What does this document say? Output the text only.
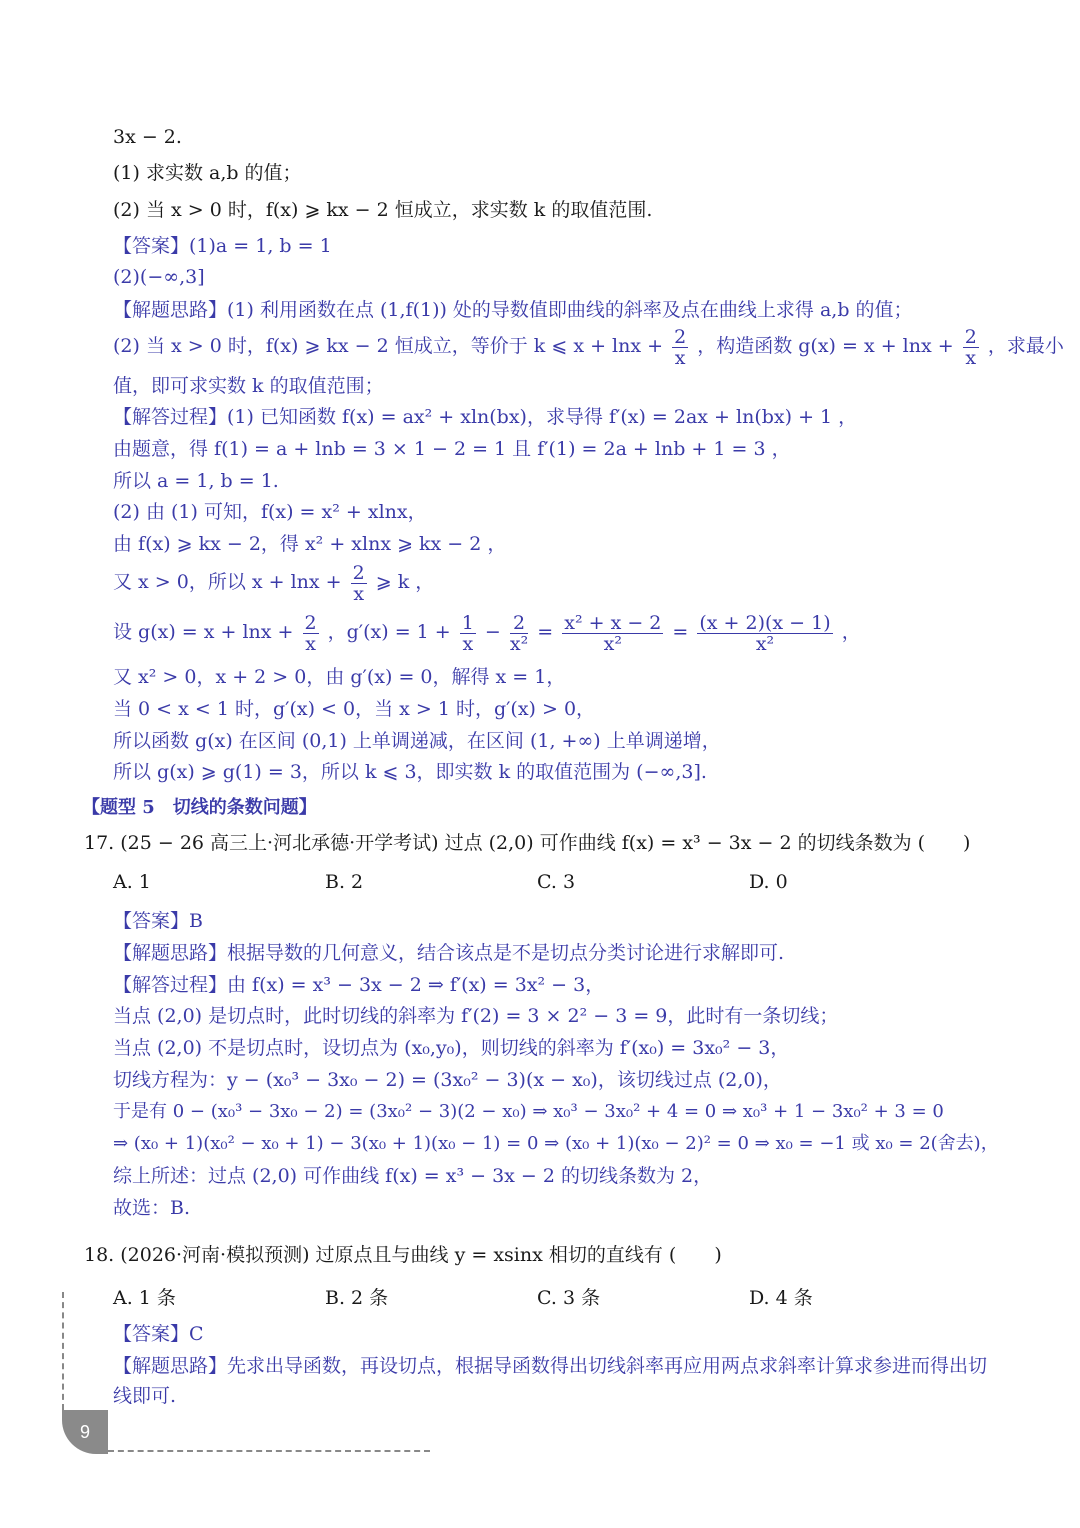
3x − 2.
(1) 求实数 a,b 的值；
(2) 当 x > 0 时，f(x) ⩾ kx − 2 恒成立，求实数 k 的取值范围.
【答案】(1)a = 1, b = 1
(2)(−∞,3]
【解题思路】(1) 利用函数在点 (1,f(1)) 处的导数值即曲线的斜率及点在曲线上求得 a,b 的值；
(2) 当 x > 0 时，f(x) ⩾ kx − 2 恒成立，等价于 k ⩽ $x + \ln x + \frac{2}{x}$ ，构造函数 $g(x) = x + \ln x + \frac{2}{x}$ ，求最小
值，即可求实数 k 的取值范围；
【解答过程】(1) 已知函数 f(x) = ax² + xln(bx)，求导得 f′(x) = 2ax + ln(bx) + 1 ，
由题意，得 f(1) = a + lnb = 3 × 1 − 2 = 1 且 f′(1) = 2a + lnb + 1 = 3 ，
所以 a = 1, b = 1.
(2) 由 (1) 可知，f(x) = x² + xlnx，
由 f(x) ⩾ kx − 2，得 x² + xlnx ⩾ kx − 2 ，
又 x > 0，所以 $x + \ln x + \frac{2}{x}$ ⩾ k ，
设 $g(x) = x + \ln x + \frac{2}{x}$ ，$g'(x) = 1 + \frac{1}{x} - \frac{2}{\text{x²}} = \frac{\text{x² + x − 2}}{\text{x²}} = \frac{(x + 2)(x - 1)}{\text{x²}}$ ，
又 x² > 0，x + 2 > 0，由 g′(x) = 0，解得 x = 1，
当 0 < x < 1 时，g′(x) < 0，当 x > 1 时，g′(x) > 0，
所以函数 g(x) 在区间 (0,1) 上单调递减，在区间 (1, +∞) 上单调递增，
所以 g(x) ⩾ g(1) = 3，所以 k ⩽ 3，即实数 k 的取值范围为 (−∞,3].
【题型 5　切线的条数问题】
17. (25 − 26 高三上·河北承德·开学考试) 过点 (2,0) 可作曲线 f(x) = x³ − 3x − 2 的切线条数为 (　　)
A. 1	B. 2	C. 3	D. 0
【答案】B
【解题思路】根据导数的几何意义，结合该点是不是切点分类讨论进行求解即可.
【解答过程】由 f(x) = x³ − 3x − 2 ⇒ f′(x) = 3x² − 3，
当点 (2,0) 是切点时，此时切线的斜率为 f′(2) = 3 × 2² − 3 = 9，此时有一条切线；
当点 (2,0) 不是切点时，设切点为 (x₀,y₀)，则切线的斜率为 f′(x₀) = 3x₀² − 3，
切线方程为：y − (x₀³ − 3x₀ − 2) = (3x₀² − 3)(x − x₀)，该切线过点 (2,0)，
于是有 0 − (x₀³ − 3x₀ − 2) = (3x₀² − 3)(2 − x₀) ⇒ x₀³ − 3x₀² + 4 = 0 ⇒ x₀³ + 1 − 3x₀² + 3 = 0
⇒ (x₀ + 1)(x₀² − x₀ + 1) − 3(x₀ + 1)(x₀ − 1) = 0 ⇒ (x₀ + 1)(x₀ − 2)² = 0 ⇒ x₀ = −1 或 x₀ = 2(舍去)，
综上所述：过点 (2,0) 可作曲线 f(x) = x³ − 3x − 2 的切线条数为 2，
故选：B.
18. (2026·河南·模拟预测) 过原点且与曲线 y = xsinx 相切的直线有 (　　)
A. 1 条	B. 2 条	C. 3 条	D. 4 条
【答案】C
【解题思路】先求出导函数，再设切点，根据导函数得出切线斜率再应用两点求斜率计算求参进而得出切
线即可.
9
